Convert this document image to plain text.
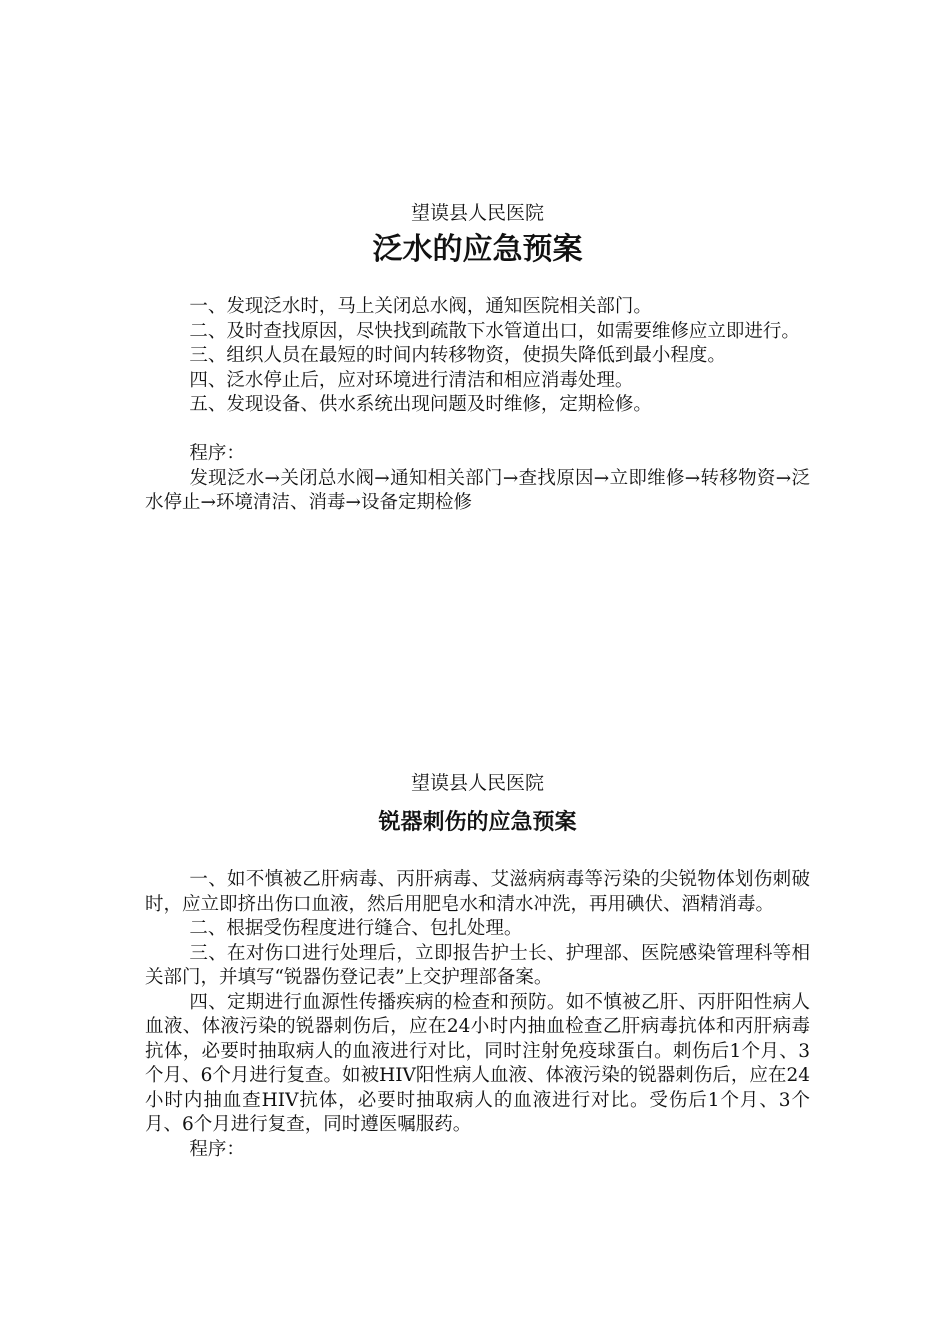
望谟县人民医院

泛水的应急预案

一、发现泛水时，马上关闭总水阀，通知医院相关部门。

二、及时查找原因，尽快找到疏散下水管道出口，如需要维修应立即进行。

三、组织人员在最短的时间内转移物资，使损失降低到最小程度。

四、泛水停止后，应对环境进行清洁和相应消毒处理。

五、发现设备、供水系统出现问题及时维修，定期检修。

程序：

发现泛水→关闭总水阀→通知相关部门→查找原因→立即维修→转移物资→泛水停止→环境清洁、消毒→设备定期检修

望谟县人民医院

锐器刺伤的应急预案

一、如不慎被乙肝病毒、丙肝病毒、艾滋病病毒等污染的尖锐物体划伤刺破时，应立即挤出伤口血液，然后用肥皂水和清水冲洗，再用碘伏、酒精消毒。

二、根据受伤程度进行缝合、包扎处理。

三、在对伤口进行处理后，立即报告护士长、护理部、医院感染管理科等相关部门，并填写“锐器伤登记表”上交护理部备案。

四、定期进行血源性传播疾病的检查和预防。如不慎被乙肝、丙肝阳性病人血液、体液污染的锐器刺伤后，应在24小时内抽血检查乙肝病毒抗体和丙肝病毒抗体，必要时抽取病人的血液进行对比，同时注射免疫球蛋白。刺伤后1个月、3个月、6个月进行复查。如被HIV阳性病人血液、体液污染的锐器刺伤后，应在24小时内抽血查HIV抗体，必要时抽取病人的血液进行对比。受伤后1个月、3个月、6个月进行复查，同时遵医嘱服药。

程序：
